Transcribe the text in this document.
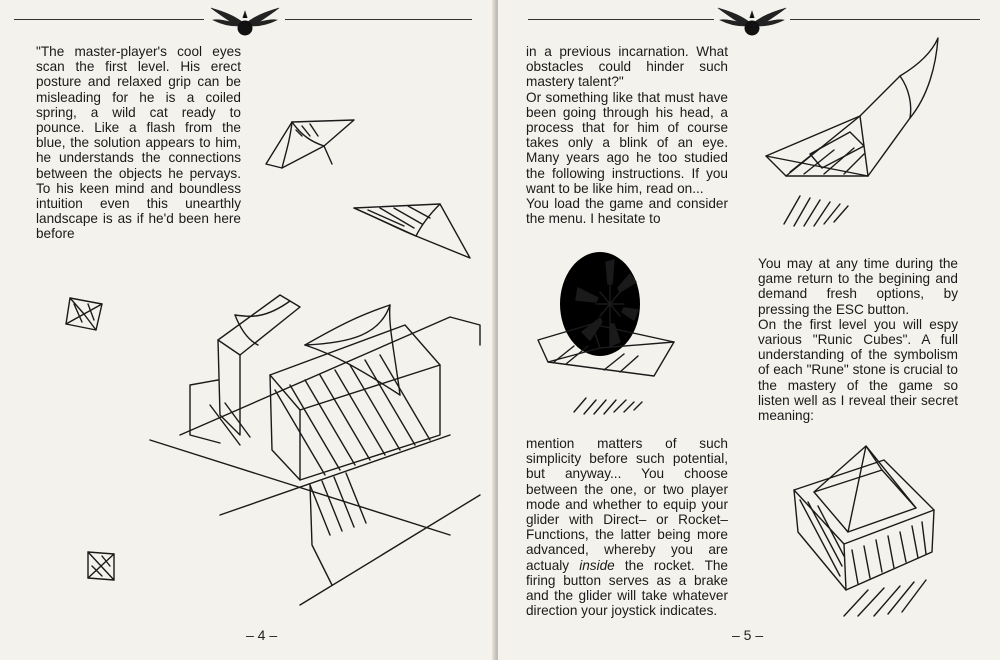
"The master-player's cool eyes scan the first level. His erect posture and relaxed grip can be misleading for he is a coiled spring, a wild cat ready to pounce. Like a flash from the blue, the solution appears to him, he understands the connections between the objects he pervays. To his keen mind and boundless intuition even this unearthly landscape is as if he'd been here before
– 4 –

in a previous incarnation. What obstacles could hinder such mastery talent?"

Or something like that must have been going through his head, a process that for him of course takes only a blink of an eye. Many years ago he too studied the following instructions. If you want to be like him, read on...

You load the game and consider the menu. I hesitate to

mention matters of such simplicity before such potential, but anyway... You choose between the one, or two player mode and whether to equip your glider with Direct– or Rocket–Functions, the latter being more advanced, whereby you are actualy inside the rocket. The firing button serves as a brake and the glider will take whatever direction your joystick indicates.

You may at any time during the game return to the begining and demand fresh options, by pressing the ESC button.

On the first level you will espy various "Runic Cubes". A full understanding of the symbolism of each "Rune" stone is crucial to the mastery of the game so listen well as I reveal their secret meaning:

– 5 –
